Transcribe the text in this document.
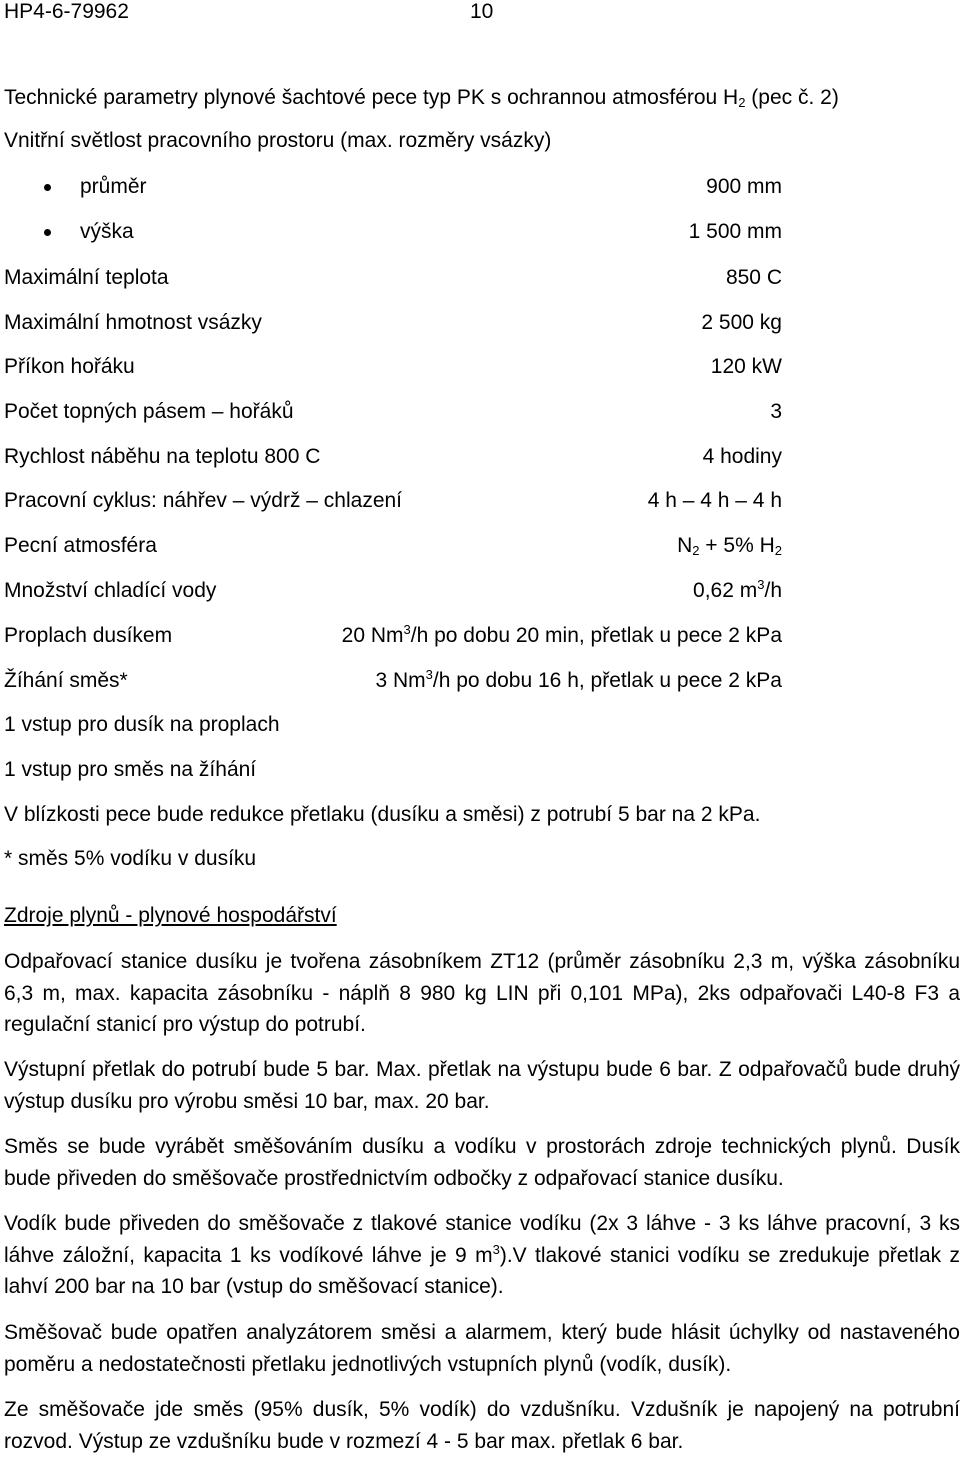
HP4-6-79962	10
Technické parametry plynové šachtové pece typ PK s ochrannou atmosférou $H_2$ (pec č. 2)
Vnitřní světlost pracovního prostoru (max. rozměry vsázky)
průměr	900 mm
výška	1 500 mm
Maximální teplota	850 C
Maximální hmotnost vsázky	2 500 kg
Příkon hořáku	120 kW
Počet topných pásem – hořáků	3
Rychlost náběhu na teplotu 800 C	4 hodiny
Pracovní cyklus: náhřev – výdrž – chlazení	4 h – 4 h – 4 h
Pecní atmosféra	$N_2 + 5\%$ $H_2$
Množství chladící vody	0,62 $m^3/h$
Proplach dusíkem	20 Nm$^3$/h po dobu 20 min, přetlak u pece 2 kPa
Žíhání směs*	3 Nm$^3$/h po dobu 16 h, přetlak u pece 2 kPa
1 vstup pro dusík na proplach
1 vstup pro směs na žíhání
V blízkosti pece bude redukce přetlaku (dusíku a směsi) z potrubí 5 bar na 2 kPa.
* směs 5% vodíku v dusíku
Zdroje plynů - plynové hospodářství
Odpařovací stanice dusíku je tvořena zásobníkem ZT12 (průměr zásobníku 2,3 m, výška zásobníku 6,3 m, max. kapacita zásobníku - náplň 8 980 kg LIN při 0,101 MPa), 2ks odpařovači L40-8 F3 a regulační stanicí pro výstup do potrubí.
Výstupní přetlak do potrubí bude 5 bar. Max. přetlak na výstupu bude 6 bar. Z odpařovačů bude druhý výstup dusíku pro výrobu směsi 10 bar, max. 20 bar.
Směs se bude vyrábět směšováním dusíku a vodíku v prostorách zdroje technických plynů. Dusík bude přiveden do směšovače prostřednictvím odbočky z odpařovací stanice dusíku.
Vodík bude přiveden do směšovače z tlakové stanice vodíku (2x 3 láhve - 3 ks láhve pracovní, 3 ks láhve záložní, kapacita 1 ks vodíkové láhve je 9 $m^3).V$ tlakové stanici vodíku se zredukuje přetlak z lahví 200 bar na 10 bar (vstup do směšovací stanice).
Směšovač bude opatřen analyzátorem směsi a alarmem, který bude hlásit úchylky od nastaveného poměru a nedostatečnosti přetlaku jednotlivých vstupních plynů (vodík, dusík).
Ze směšovače jde směs (95% dusík, 5% vodík) do vzdušníku. Vzdušník je napojený na potrubní rozvod. Výstup ze vzdušníku bude v rozmezí 4 - 5 bar max. přetlak 6 bar.
